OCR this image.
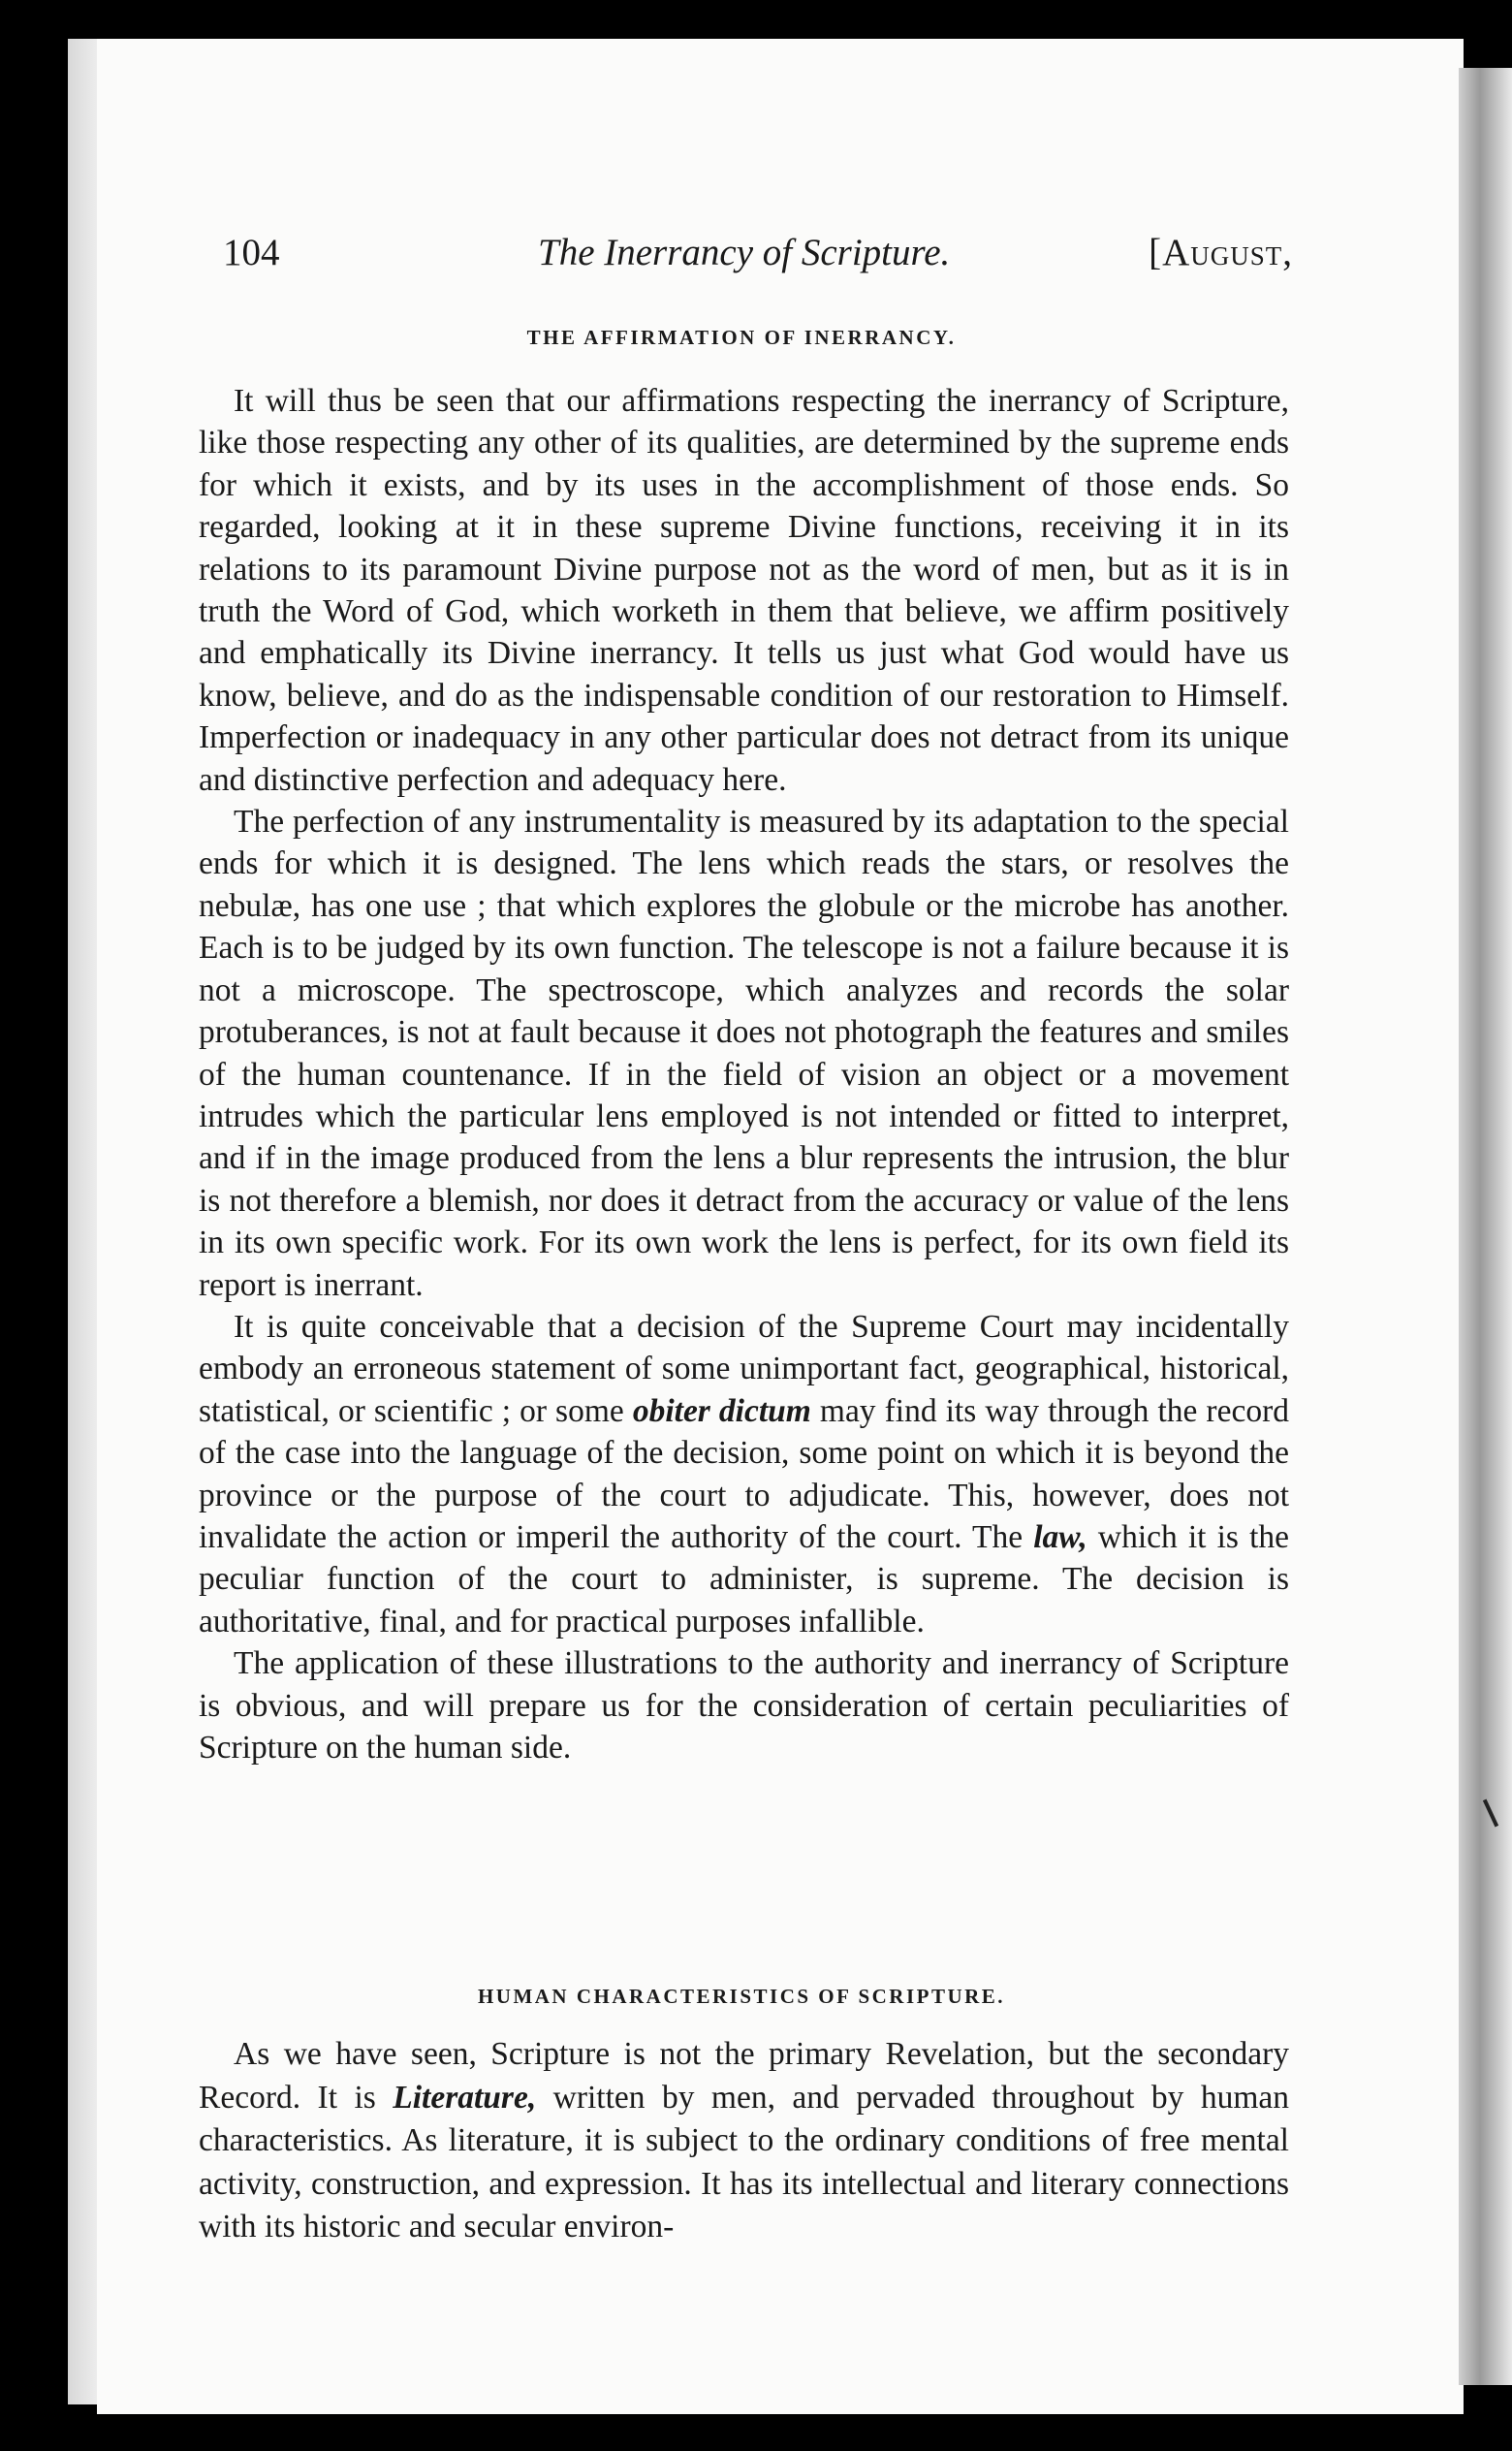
104	The Inerrancy of Scripture.	[August,
THE AFFIRMATION OF INERRANCY.

It will thus be seen that our affirmations respecting the inerrancy of Scripture, like those respecting any other of its qualities, are determined by the supreme ends for which it exists, and by its uses in the accomplishment of those ends. So regarded, looking at it in these supreme Divine functions, receiving it in its relations to its paramount Divine purpose not as the word of men, but as it is in truth the Word of God, which worketh in them that believe, we affirm positively and emphatically its Divine inerrancy. It tells us just what God would have us know, believe, and do as the indispensable condition of our restoration to Himself. Imperfection or inadequacy in any other particular does not detract from its unique and distinctive perfection and adequacy here.

The perfection of any instrumentality is measured by its adaptation to the special ends for which it is designed. The lens which reads the stars, or resolves the nebulæ, has one use ; that which explores the globule or the microbe has another. Each is to be judged by its own function. The telescope is not a failure because it is not a microscope. The spectroscope, which analyzes and records the solar protuberances, is not at fault because it does not photograph the features and smiles of the human countenance. If in the field of vision an object or a movement intrudes which the particular lens employed is not intended or fitted to interpret, and if in the image produced from the lens a blur represents the intrusion, the blur is not therefore a blemish, nor does it detract from the accuracy or value of the lens in its own specific work. For its own work the lens is perfect, for its own field its report is inerrant.

It is quite conceivable that a decision of the Supreme Court may incidentally embody an erroneous statement of some unimportant fact, geographical, historical, statistical, or scientific ; or some obiter dictum may find its way through the record of the case into the language of the decision, some point on which it is beyond the province or the purpose of the court to adjudicate. This, however, does not invalidate the action or imperil the authority of the court. The law, which it is the peculiar function of the court to administer, is supreme. The decision is authoritative, final, and for practical purposes infallible.

The application of these illustrations to the authority and inerrancy of Scripture is obvious, and will prepare us for the consideration of certain peculiarities of Scripture on the human side.

HUMAN CHARACTERISTICS OF SCRIPTURE.

As we have seen, Scripture is not the primary Revelation, but the secondary Record. It is Literature, written by men, and pervaded throughout by human characteristics. As literature, it is subject to the ordinary conditions of free mental activity, construction, and expression. It has its intellectual and literary connections with its historic and secular environ-
